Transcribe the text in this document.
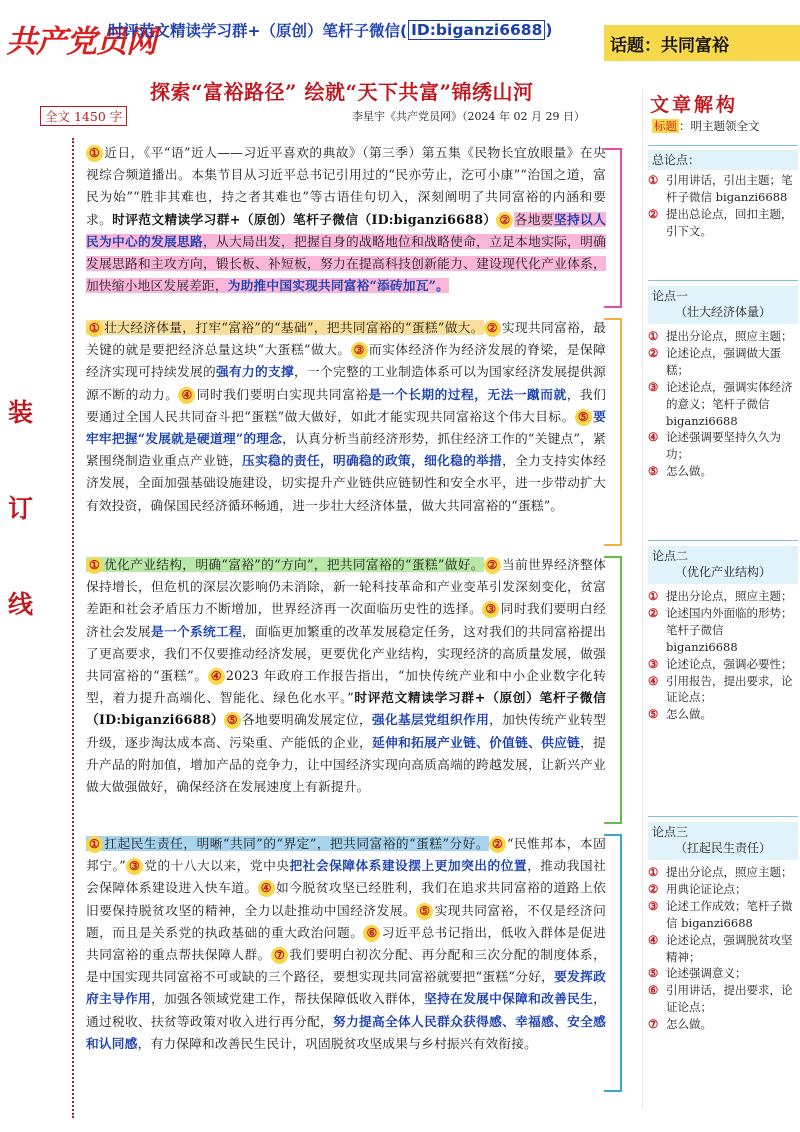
共产党员网
时评范文精读学习群+（原创）笔杆子微信( ID:biganzi6688 )
话题：共同富裕
探索“富裕路径” 绘就“天下共富”锦绣山河
全文 1450 字	李星宇《共产党员网》（2024 年 02 月 29 日）
装
订
线
① 近日，《平“语”近人——习近平喜欢的典故》（第三季）第五集《民物长宜放眼量》在央视综合频道播出。本集节目从习近平总书记引用过的“民亦劳止，汔可小康”“治国之道，富民为始”“胜非其难也，持之者其难也”等古语佳句切入，深刻阐明了共同富裕的内涵和要求。时评范文精读学习群+（原创）笔杆子微信（ID:biganzi6688） ② 各地要坚持以人民为中心的发展思路，从大局出发，把握自身的战略地位和战略使命，立足本地实际，明确发展思路和主攻方向，锻长板、补短板，努力在提高科技创新能力、建设现代化产业体系，加快缩小地区发展差距，为助推中国实现共同富裕“添砖加瓦”。
① 壮大经济体量，打牢“富裕”的“基础”，把共同富裕的“蛋糕”做大。 ② 实现共同富裕，最关键的就是要把经济总量这块“大蛋糕”做大。 ③ 而实体经济作为经济发展的脊梁，是保障经济实现可持续发展的强有力的支撑，一个完整的工业制造体系可以为国家经济发展提供源源不断的动力。 ④ 同时我们要明白实现共同富裕是一个长期的过程，无法一蹴而就，我们要通过全国人民共同奋斗把“蛋糕”做大做好，如此才能实现共同富裕这个伟大目标。 ⑤ 要牢牢把握“发展就是硬道理”的理念，认真分析当前经济形势，抓住经济工作的“关键点”，紧紧围绕制造业重点产业链，压实稳的责任，明确稳的政策，细化稳的举措，全力支持实体经济发展，全面加强基础设施建设，切实提升产业链供应链韧性和安全水平，进一步带动扩大有效投资，确保国民经济循环畅通，进一步壮大经济体量，做大共同富裕的“蛋糕”。
① 优化产业结构，明确“富裕”的“方向”，把共同富裕的“蛋糕”做好。 ② 当前世界经济整体保持增长，但危机的深层次影响仍未消除，新一轮科技革命和产业变革引发深刻变化，贫富差距和社会矛盾压力不断增加，世界经济再一次面临历史性的选择。 ③ 同时我们要明白经济社会发展是一个系统工程，面临更加繁重的改革发展稳定任务，这对我们的共同富裕提出了更高要求，我们不仅要推动经济发展，更要优化产业结构，实现经济的高质量发展，做强共同富裕的“蛋糕”。 ④ 2023 年政府工作报告指出，“加快传统产业和中小企业数字化转型，着力提升高端化、智能化、绿色化水平。”时评范文精读学习群+（原创）笔杆子微信（ID:biganzi6688） ⑤ 各地要明确发展定位，强化基层党组织作用，加快传统产业转型升级，逐步淘汰成本高、污染重、产能低的企业，延伸和拓展产业链、价值链、供应链，提升产品的附加值，增加产品的竞争力，让中国经济实现向高质高端的跨越发展，让新兴产业做大做强做好，确保经济在发展速度上有新提升。
① 扛起民生责任，明晰“共同”的“界定”，把共同富裕的“蛋糕”分好。 ② “民惟邦本，本固邦宁。” ③ 党的十八大以来，党中央把社会保障体系建设摆上更加突出的位置，推动我国社会保障体系建设进入快车道。 ④ 如今脱贫攻坚已经胜利，我们在追求共同富裕的道路上依旧要保持脱贫攻坚的精神，全力以赴推动中国经济发展。 ⑤ 实现共同富裕，不仅是经济问题，而且是关系党的执政基础的重大政治问题。 ⑥ 习近平总书记指出，低收入群体是促进共同富裕的重点帮扶保障人群。 ⑦ 我们要明白初次分配、再分配和三次分配的制度体系，是中国实现共同富裕不可或缺的三个路径，要想实现共同富裕就要把“蛋糕”分好，要发挥政府主导作用，加强各领域党建工作，帮扶保障低收入群体，坚持在发展中保障和改善民生，通过税收、扶贫等政策对收入进行再分配，努力提高全体人民群众获得感、幸福感、安全感和认同感，有力保障和改善民生民计，巩固脱贫攻坚成果与乡村振兴有效衔接。
文章解构
标题 ：明主题领全文
总论点：
① 引用讲话，引出主题；笔杆子微信 biganzi6688
② 提出总论点，回扣主题，引下文。
论点一
（壮大经济体量）
① 提出分论点，照应主题；
② 论述论点，强调做大蛋糕；
③ 论述论点，强调实体经济的意义；笔杆子微信 biganzi6688
④ 论述强调要坚持久久为功；
⑤ 怎么做。
论点二
（优化产业结构）
① 提出分论点，照应主题；
② 论述国内外面临的形势；笔杆子微信 biganzi6688
③ 论述论点，强调必要性；
④ 引用报告，提出要求，论证论点；
⑤ 怎么做。
论点三
（扛起民生责任）
① 提出分论点，照应主题；
② 用典论证论点；
③ 论述工作成效；笔杆子微信 biganzi6688
④ 论述论点，强调脱贫攻坚精神；
⑤ 论述强调意义；
⑥ 引用讲话，提出要求，论证论点；
⑦ 怎么做。
